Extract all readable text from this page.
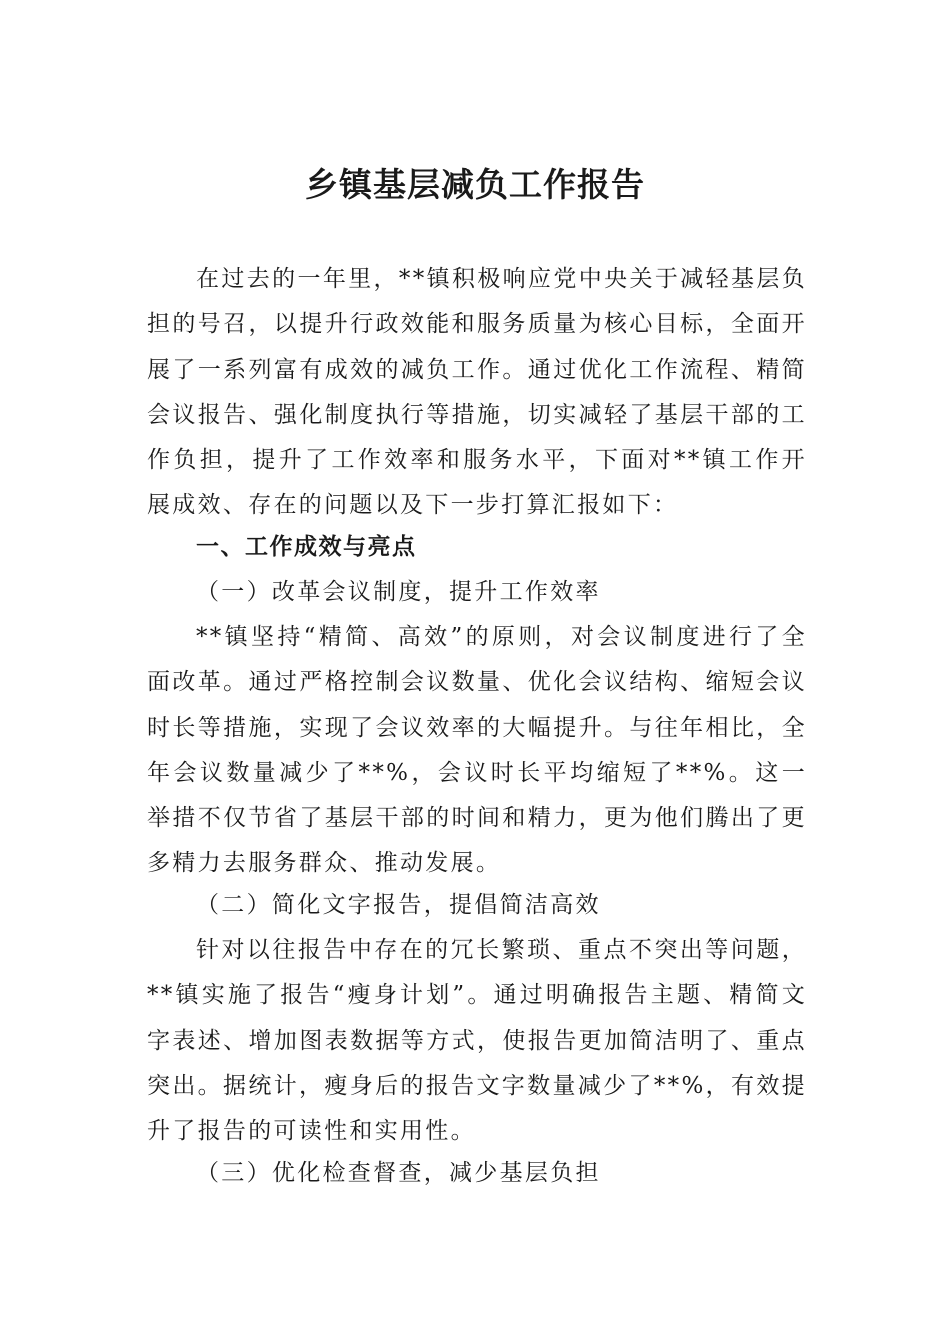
乡镇基层减负工作报告

在过去的一年里，**镇积极响应党中央关于减轻基层负担的号召，以提升行政效能和服务质量为核心目标，全面开展了一系列富有成效的减负工作。通过优化工作流程、精简会议报告、强化制度执行等措施，切实减轻了基层干部的工作负担，提升了工作效率和服务水平，下面对**镇工作开展成效、存在的问题以及下一步打算汇报如下：

一、工作成效与亮点

（一）改革会议制度，提升工作效率

**镇坚持“精简、高效”的原则，对会议制度进行了全面改革。通过严格控制会议数量、优化会议结构、缩短会议时长等措施，实现了会议效率的大幅提升。与往年相比，全年会议数量减少了**%，会议时长平均缩短了**%。这一举措不仅节省了基层干部的时间和精力，更为他们腾出了更多精力去服务群众、推动发展。

（二）简化文字报告，提倡简洁高效

针对以往报告中存在的冗长繁琐、重点不突出等问题，**镇实施了报告“瘦身计划”。通过明确报告主题、精简文字表述、增加图表数据等方式，使报告更加简洁明了、重点突出。据统计，瘦身后的报告文字数量减少了**%，有效提升了报告的可读性和实用性。

（三）优化检查督查，减少基层负担
